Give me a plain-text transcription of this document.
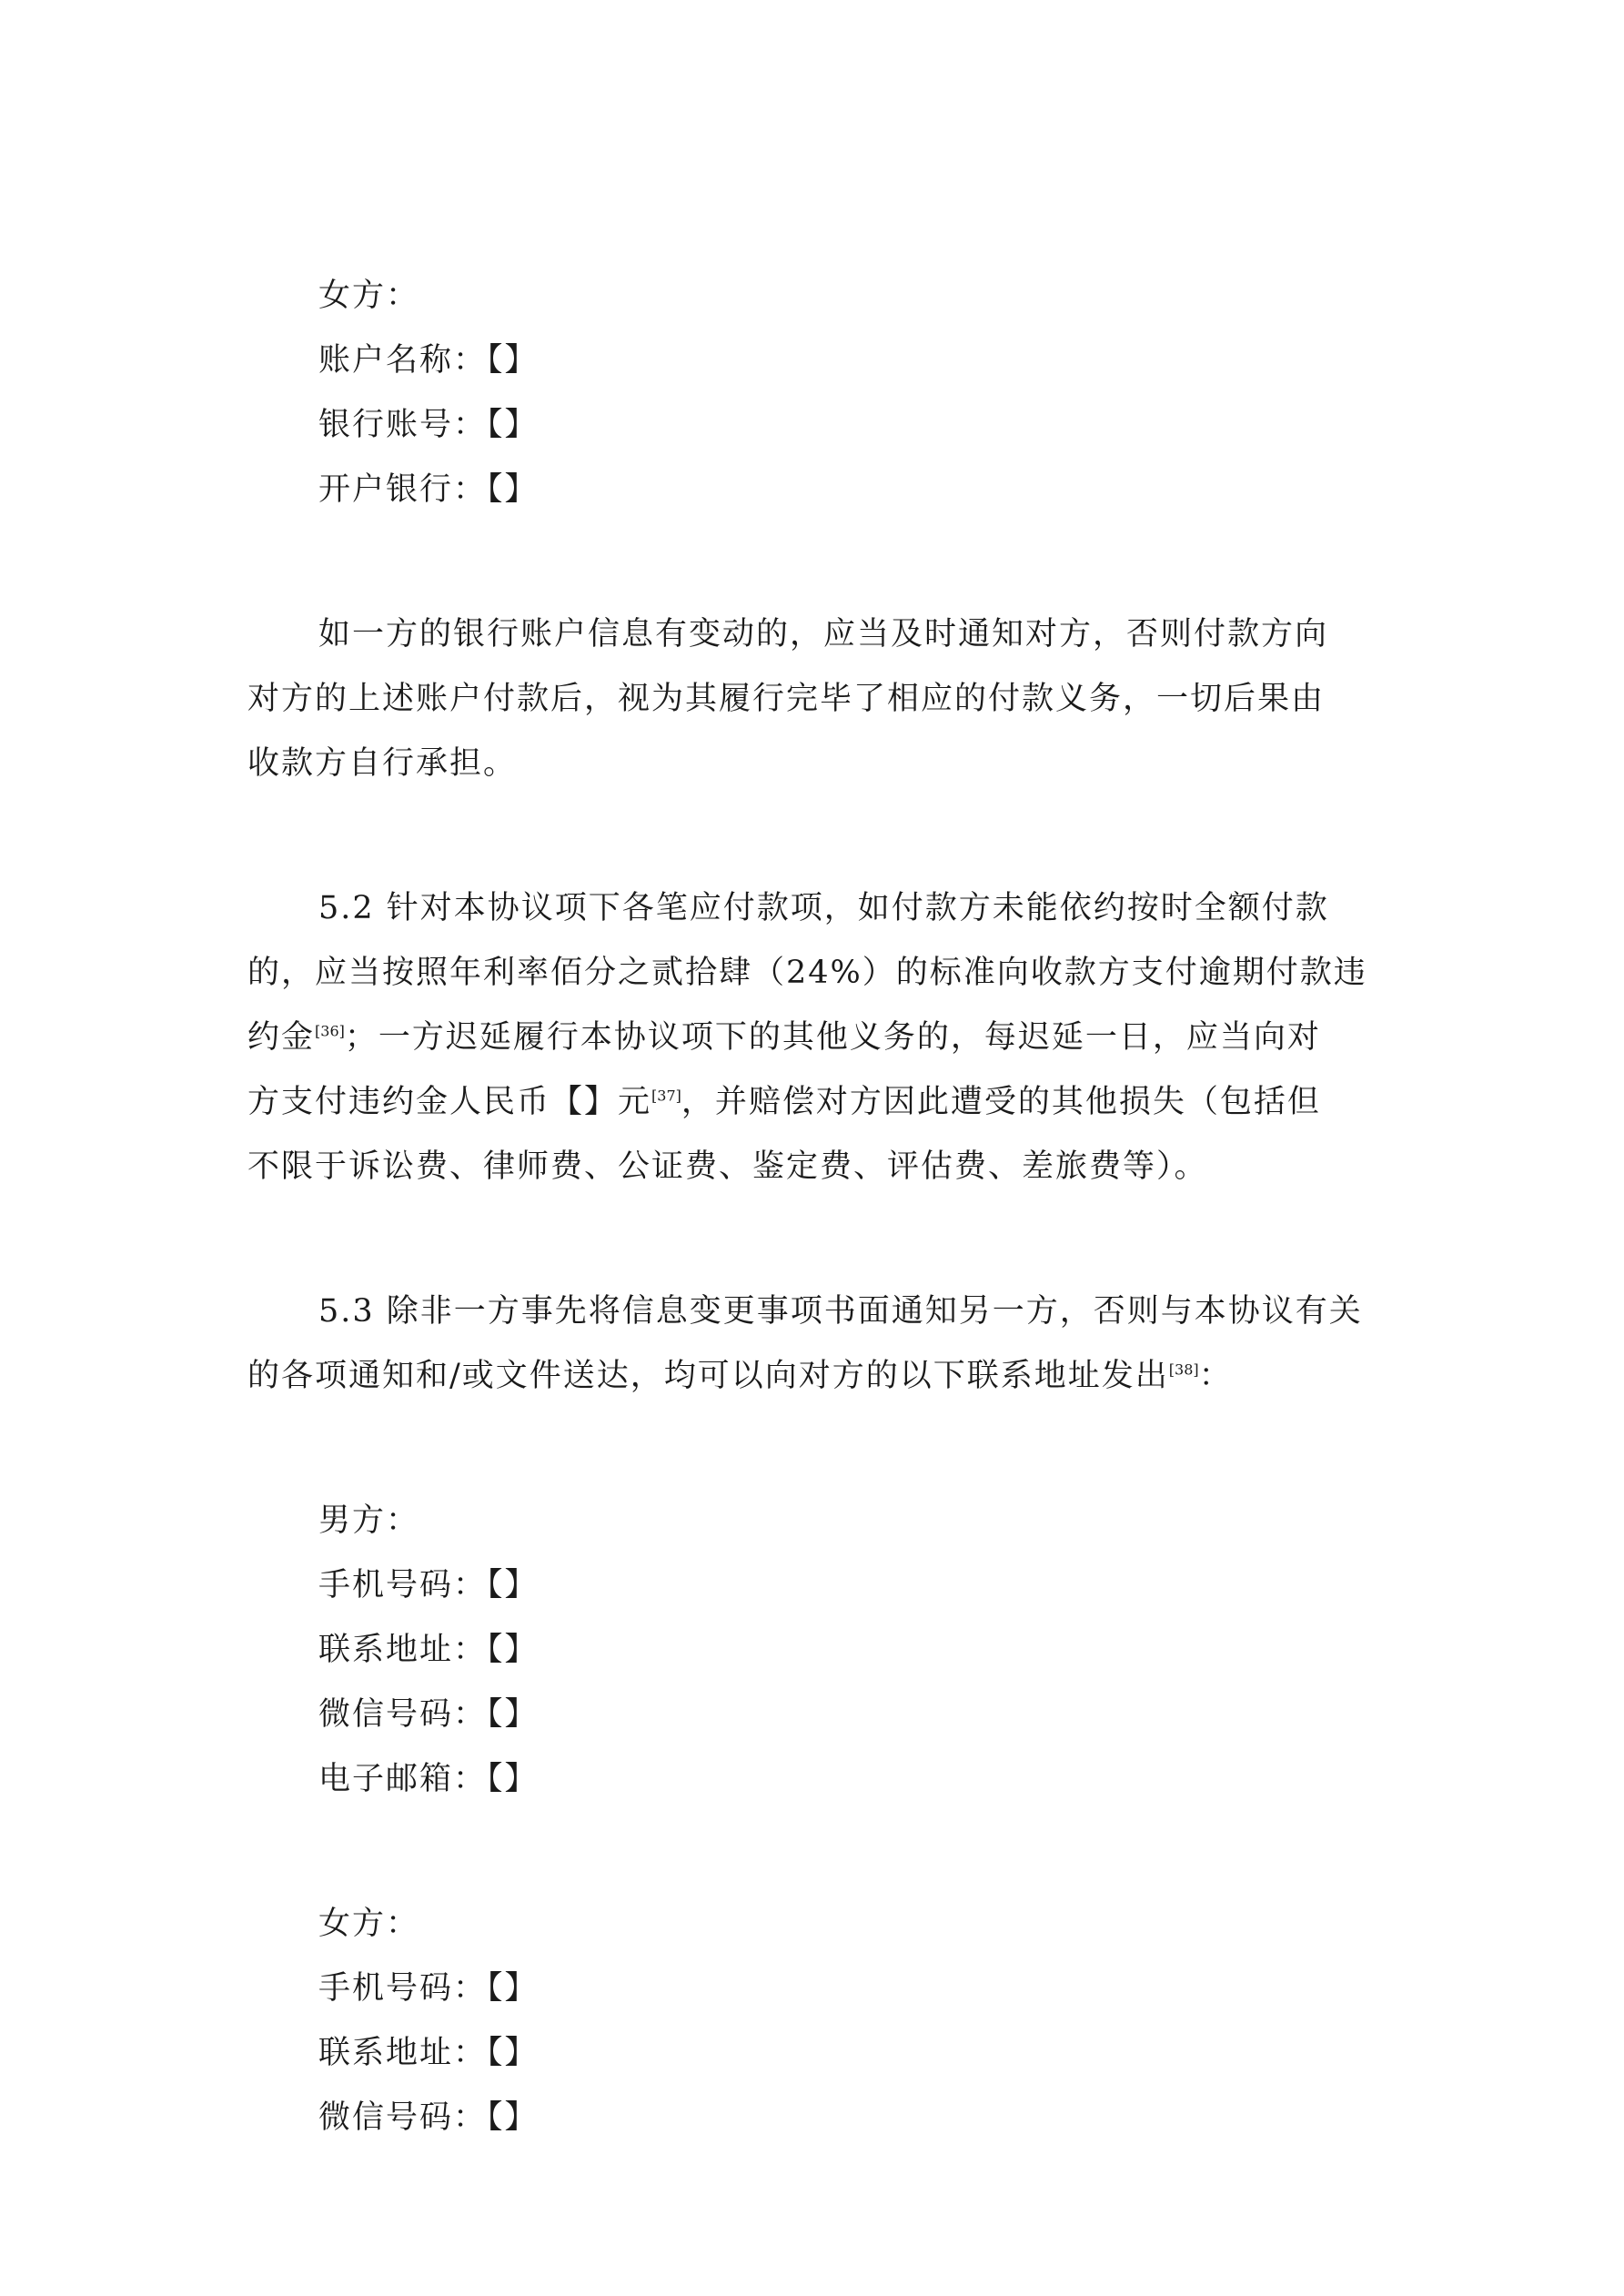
女方：
账户名称：【】
银行账号：【】
开户银行：【】
如一方的银行账户信息有变动的，应当及时通知对方，否则付款方向
对方的上述账户付款后，视为其履行完毕了相应的付款义务，一切后果由
收款方自行承担。
5.2 针对本协议项下各笔应付款项，如付款方未能依约按时全额付款
的，应当按照年利率佰分之贰拾肆（24%）的标准向收款方支付逾期付款违
约金[36]；一方迟延履行本协议项下的其他义务的，每迟延一日，应当向对
方支付违约金人民币【】元[37]，并赔偿对方因此遭受的其他损失（包括但
不限于诉讼费、律师费、公证费、鉴定费、评估费、差旅费等）。
5.3 除非一方事先将信息变更事项书面通知另一方，否则与本协议有关
的各项通知和/或文件送达，均可以向对方的以下联系地址发出[38]：
男方：
手机号码：【】
联系地址：【】
微信号码：【】
电子邮箱：【】
女方：
手机号码：【】
联系地址：【】
微信号码：【】
